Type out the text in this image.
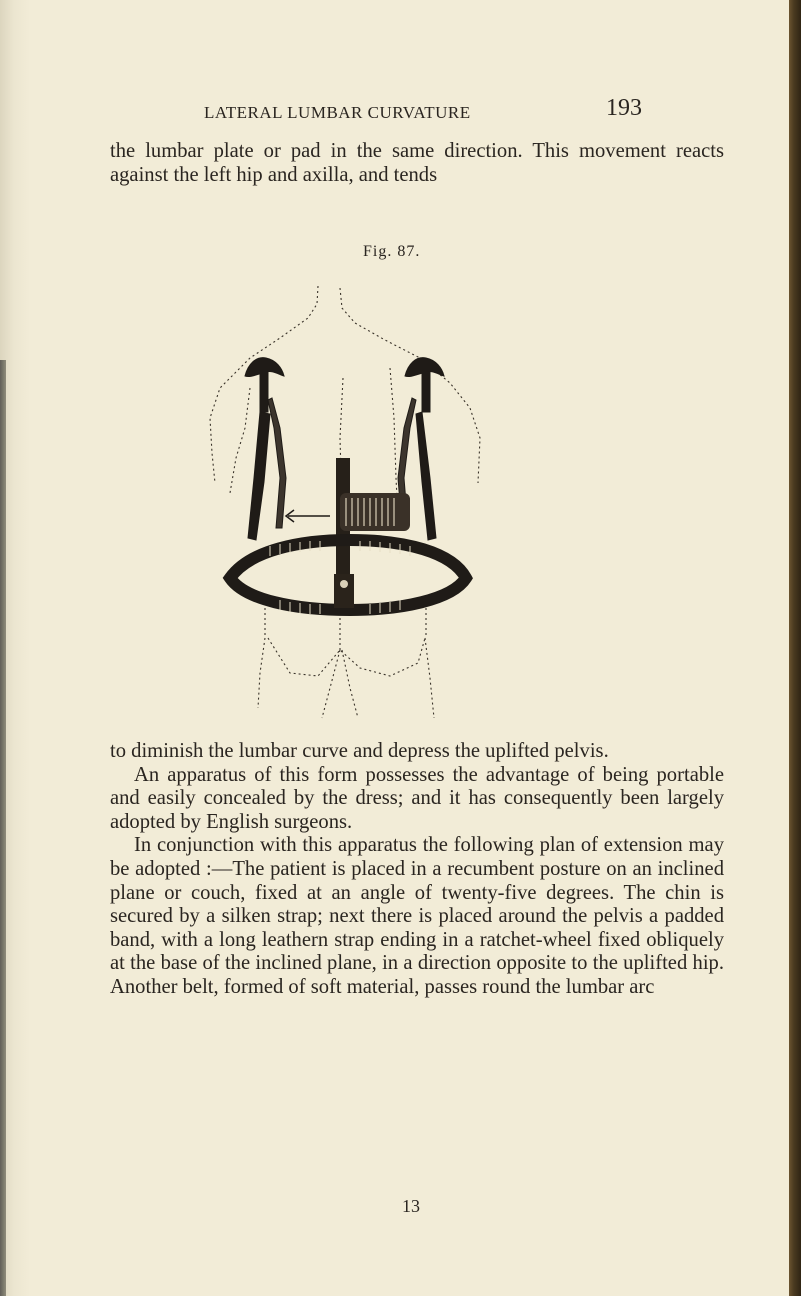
LATERAL LUMBAR CURVATURE	193

the lumbar plate or pad in the same direction. This movement reacts against the left hip and axilla, and tends

Fig. 87.
to diminish the lumbar curve and depress the uplifted pelvis.
An apparatus of this form possesses the advantage of being portable and easily concealed by the dress; and it has consequently been largely adopted by English surgeons.
In conjunction with this apparatus the following plan of extension may be adopted :—The patient is placed in a recumbent posture on an inclined plane or couch, fixed at an angle of twenty-five degrees. The chin is secured by a silken strap; next there is placed around the pelvis a padded band, with a long leathern strap ending in a ratchet-wheel fixed obliquely at the base of the inclined plane, in a direction opposite to the uplifted hip. Another belt, formed of soft material, passes round the lumbar arc
13
